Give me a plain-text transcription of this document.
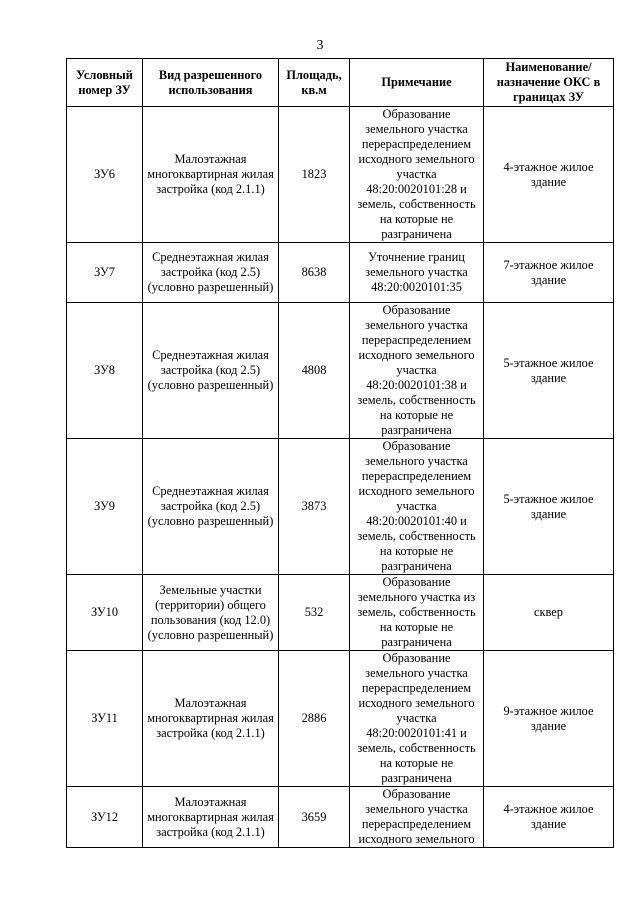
3
Условный номер ЗУ	Вид разрешенного использования	Площадь, кв.м	Примечание	Наименование/ назначение ОКС в границах ЗУ
ЗУ6	Малоэтажная многоквартирная жилая застройка (код 2.1.1)	1823	Образование земельного участка перераспределением исходного земельного участка 48:20:0020101:28 и земель, собственность на которые не разграничена	4-этажное жилое здание
ЗУ7	Среднеэтажная жилая застройка (код 2.5) (условно разрешенный)	8638	Уточнение границ земельного участка 48:20:0020101:35	7-этажное жилое здание
ЗУ8	Среднеэтажная жилая застройка (код 2.5) (условно разрешенный)	4808	Образование земельного участка перераспределением исходного земельного участка 48:20:0020101:38 и земель, собственность на которые не разграничена	5-этажное жилое здание
ЗУ9	Среднеэтажная жилая застройка (код 2.5) (условно разрешенный)	3873	Образование земельного участка перераспределением исходного земельного участка 48:20:0020101:40 и земель, собственность на которые не разграничена	5-этажное жилое здание
ЗУ10	Земельные участки (территории) общего пользования (код 12.0) (условно разрешенный)	532	Образование земельного участка из земель, собственность на которые не разграничена	сквер
ЗУ11	Малоэтажная многоквартирная жилая застройка (код 2.1.1)	2886	Образование земельного участка перераспределением исходного земельного участка 48:20:0020101:41 и земель, собственность на которые не разграничена	9-этажное жилое здание
ЗУ12	Малоэтажная многоквартирная жилая застройка (код 2.1.1)	3659	Образование земельного участка перераспределением исходного земельного	4-этажное жилое здание
